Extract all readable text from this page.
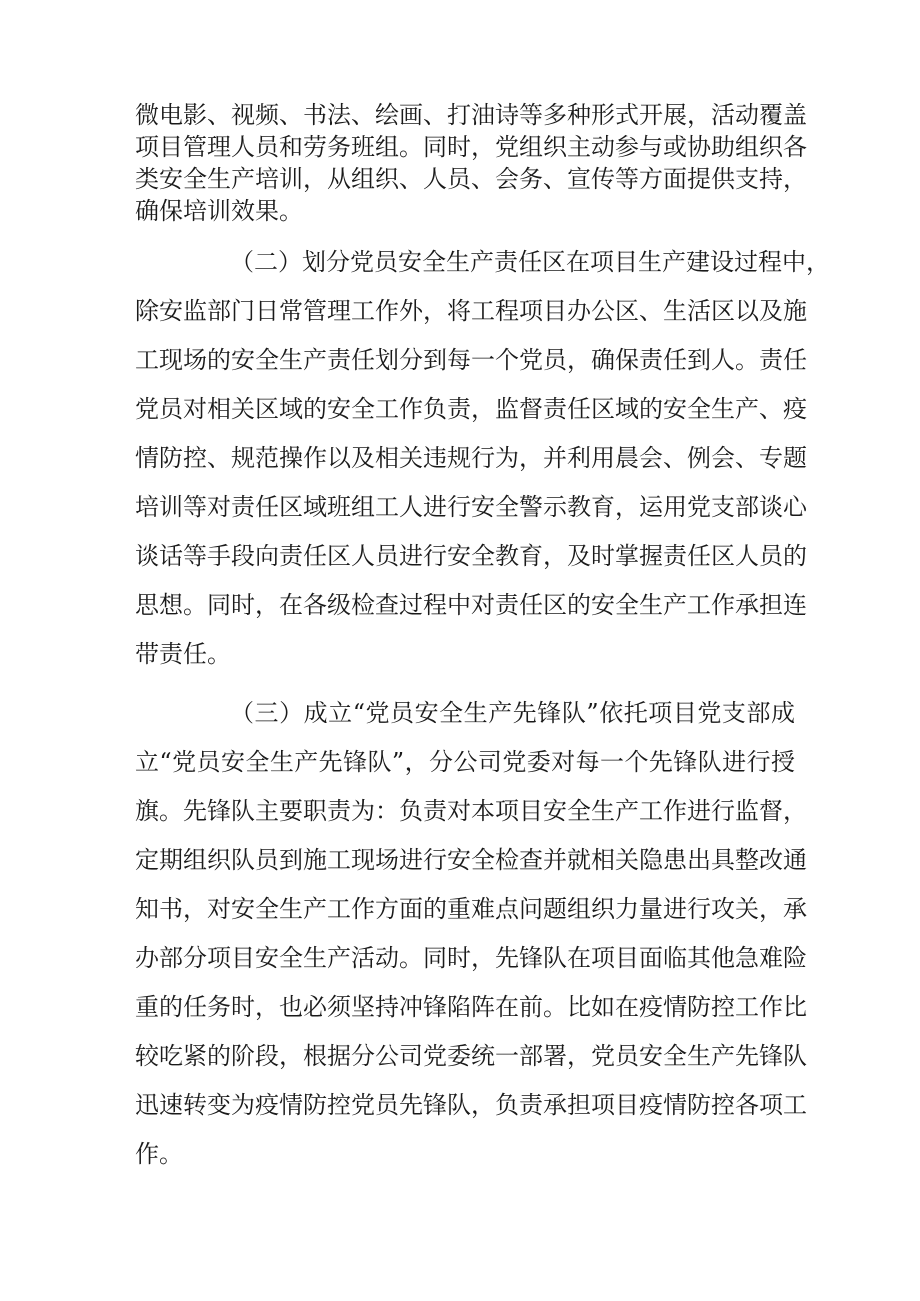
微电影、视频、书法、绘画、打油诗等多种形式开展，活动覆盖
项目管理人员和劳务班组。同时，党组织主动参与或协助组织各
类安全生产培训，从组织、人员、会务、宣传等方面提供支持，
确保培训效果。
（二）划分党员安全生产责任区在项目生产建设过程中，
除安监部门日常管理工作外，将工程项目办公区、生活区以及施
工现场的安全生产责任划分到每一个党员，确保责任到人。责任
党员对相关区域的安全工作负责，监督责任区域的安全生产、疫
情防控、规范操作以及相关违规行为，并利用晨会、例会、专题
培训等对责任区域班组工人进行安全警示教育，运用党支部谈心
谈话等手段向责任区人员进行安全教育，及时掌握责任区人员的
思想。同时，在各级检查过程中对责任区的安全生产工作承担连
带责任。
（三）成立“党员安全生产先锋队”依托项目党支部成
立“党员安全生产先锋队”，分公司党委对每一个先锋队进行授
旗。先锋队主要职责为：负责对本项目安全生产工作进行监督，
定期组织队员到施工现场进行安全检查并就相关隐患出具整改通
知书，对安全生产工作方面的重难点问题组织力量进行攻关，承
办部分项目安全生产活动。同时，先锋队在项目面临其他急难险
重的任务时，也必须坚持冲锋陷阵在前。比如在疫情防控工作比
较吃紧的阶段，根据分公司党委统一部署，党员安全生产先锋队
迅速转变为疫情防控党员先锋队，负责承担项目疫情防控各项工
作。
